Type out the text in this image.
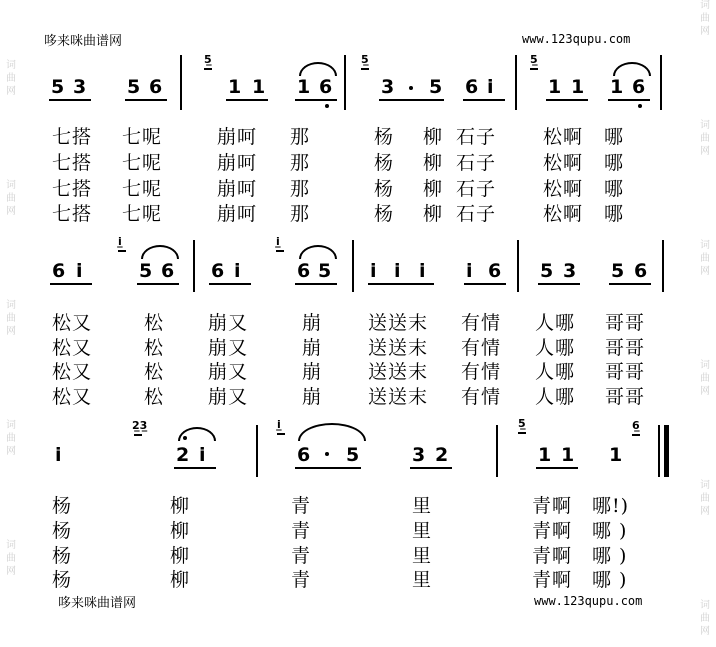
词
曲
网
词
曲
网
词
曲
网
词
曲
网
词
曲
网
词
曲
网
词
曲
网
词
曲
网
词
曲
网
词
曲
网
词
曲
网
哆来咪曲谱网	www.123qupu.com
5 3 5 6	1 1 1 6	3 5 6 i	1 1 1 6
5̲	5̲	5̲
七搭 七呢	崩呵 那	杨 柳 石子 松啊 哪
七搭 七呢	崩呵 那	杨 柳 石子 松啊 哪
七搭 七呢	崩呵 那	杨 柳 石子 松啊 哪
七搭 七呢	崩呵 那	杨 柳 石子 松啊 哪
6 i	5 6 6 i	6 5 i i i i 6 5 3 5 6
i̲	i̲
松又	松 崩又	崩 送送末 有情 人哪 哥哥
松又	松 崩又	崩 送送末 有情 人哪 哥哥
松又	松 崩又	崩 送送末 有情 人哪 哥哥
松又	松 崩又	崩 送送末 有情 人哪 哥哥
i	2 i	6 5	3 2	1 1 1
2̲3̲	i̲	5̲	6̲
杨	柳	青	里	青啊 哪!)
杨	柳	青	里	青啊 哪 )
杨	柳	青	里	青啊 哪 )
杨	柳	青	里	青啊 哪 )
哆来咪曲谱网	www.123qupu.com
